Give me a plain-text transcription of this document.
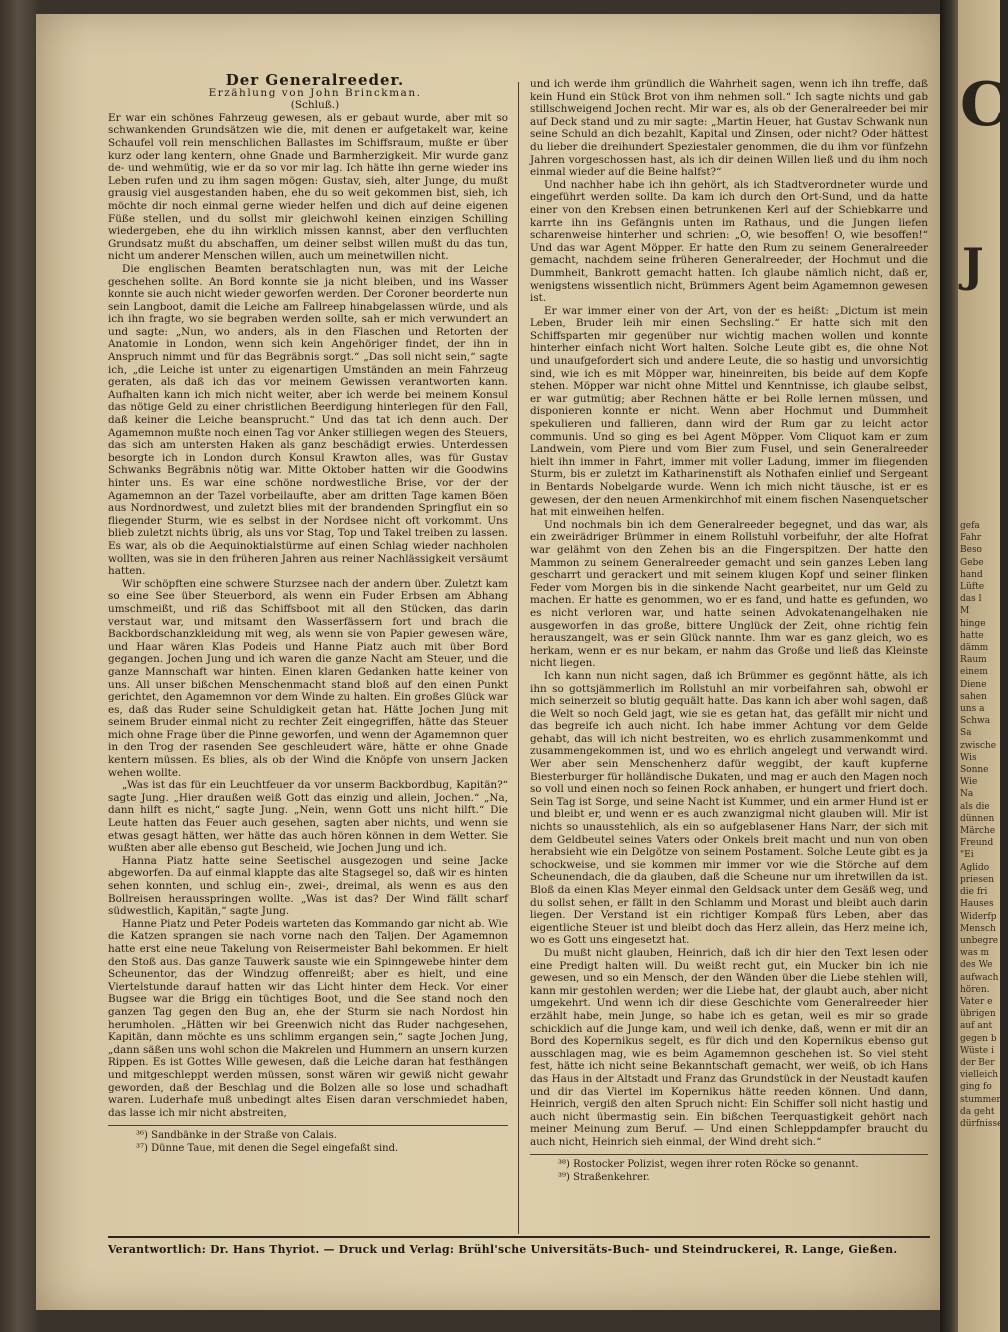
Der Generalreeder.

Erzählung von John Brinckman.

(Schluß.)

Er war ein schönes Fahrzeug gewesen, als er gebaut wurde, aber mit so schwankenden Grundsätzen wie die, mit denen er aufgetakelt war, keine Schaufel voll rein menschlichen Ballastes im Schiffsraum, mußte er über kurz oder lang kentern, ohne Gnade und Barmherzigkeit. Mir wurde ganz de- und wehmütig, wie er da so vor mir lag. Ich hätte ihn gerne wieder ins Leben rufen und zu ihm sagen mögen: Gustav, sieh, alter Junge, du mußt grausig viel ausgestanden haben, ehe du so weit gekommen bist, sieh, ich möchte dir noch einmal gerne wieder helfen und dich auf deine eigenen Füße stellen, und du sollst mir gleichwohl keinen einzigen Schilling wiedergeben, ehe du ihn wirklich missen kannst, aber den verfluchten Grundsatz mußt du abschaffen, um deiner selbst willen mußt du das tun, nicht um anderer Menschen willen, auch um meinetwillen nicht.

Die englischen Beamten beratschlagten nun, was mit der Leiche geschehen sollte. An Bord konnte sie ja nicht bleiben, und ins Wasser konnte sie auch nicht wieder geworfen werden. Der Coroner beorderte nun sein Langboot, damit die Leiche am Fallreep hinabgelassen würde, und als ich ihn fragte, wo sie begraben werden sollte, sah er mich verwundert an und sagte: „Nun, wo anders, als in den Flaschen und Retorten der Anatomie in London, wenn sich kein Angehöriger findet, der ihn in Anspruch nimmt und für das Begräbnis sorgt.“ „Das soll nicht sein,“ sagte ich, „die Leiche ist unter zu eigenartigen Umständen an mein Fahrzeug geraten, als daß ich das vor meinem Gewissen verantworten kann. Aufhalten kann ich mich nicht weiter, aber ich werde bei meinem Konsul das nötige Geld zu einer christlichen Beerdigung hinterlegen für den Fall, daß keiner die Leiche beansprucht.“ Und das tat ich denn auch. Der Agamemnon mußte noch einen Tag vor Anker stilliegen wegen des Steuers, das sich am untersten Haken als ganz beschädigt erwies. Unterdessen besorgte ich in London durch Konsul Krawton alles, was für Gustav Schwanks Begräbnis nötig war. Mitte Oktober hatten wir die Goodwins hinter uns. Es war eine schöne nordwestliche Brise, vor der der Agamemnon an der Tazel vorbeilaufte, aber am dritten Tage kamen Böen aus Nordnordwest, und zuletzt blies mit der brandenden Springflut ein so fliegender Sturm, wie es selbst in der Nordsee nicht oft vorkommt. Uns blieb zuletzt nichts übrig, als uns vor Stag, Top und Takel treiben zu lassen. Es war, als ob die Aequinoktialstürme auf einen Schlag wieder nachholen wollten, was sie in den früheren Jahren aus reiner Nachlässigkeit versäumt hatten.

Wir schöpften eine schwere Sturzsee nach der andern über. Zuletzt kam so eine See über Steuerbord, als wenn ein Fuder Erbsen am Abhang umschmeißt, und riß das Schiffsboot mit all den Stücken, das darin verstaut war, und mitsamt den Wasserfässern fort und brach die Backbordschanzkleidung mit weg, als wenn sie von Papier gewesen wäre, und Haar wären Klas Podeis und Hanne Piatz auch mit über Bord gegangen. Jochen Jung und ich waren die ganze Nacht am Steuer, und die ganze Mannschaft war hinten. Einen klaren Gedanken hatte keiner von uns. All unser bißchen Menschenmacht stand bloß auf den einen Punkt gerichtet, den Agamemnon vor dem Winde zu halten. Ein großes Glück war es, daß das Ruder seine Schuldigkeit getan hat. Hätte Jochen Jung mit seinem Bruder einmal nicht zu rechter Zeit eingegriffen, hätte das Steuer mich ohne Frage über die Pinne geworfen, und wenn der Agamemnon quer in den Trog der rasenden See geschleudert wäre, hätte er ohne Gnade kentern müssen. Es blies, als ob der Wind die Knöpfe von unsern Jacken wehen wollte.

„Was ist das für ein Leuchtfeuer da vor unserm Backbordbug, Kapitän?“ sagte Jung. „Hier draußen weiß Gott das einzig und allein, Jochen.“ „Na, dann hilft es nicht,“ sagte Jung. „Nein, wenn Gott uns nicht hilft.“ Die Leute hatten das Feuer auch gesehen, sagten aber nichts, und wenn sie etwas gesagt hätten, wer hätte das auch hören können in dem Wetter. Sie wußten aber alle ebenso gut Bescheid, wie Jochen Jung und ich.

Hanna Piatz hatte seine Seetischel ausgezogen und seine Jacke abgeworfen. Da auf einmal klappte das alte Stagsegel so, daß wir es hinten sehen konnten, und schlug ein-, zwei-, dreimal, als wenn es aus den Bollreisen herausspringen wollte. „Was ist das? Der Wind fällt scharf südwestlich, Kapitän,“ sagte Jung.

Hanne Piatz und Peter Podeis warteten das Kommando gar nicht ab. Wie die Katzen sprangen sie nach vorne nach den Taljen. Der Agamemnon hatte erst eine neue Takelung von Reisermeister Bahl bekommen. Er hielt den Stoß aus. Das ganze Tauwerk sauste wie ein Spinngewebe hinter dem Scheunentor, das der Windzug offenreißt; aber es hielt, und eine Viertelstunde darauf hatten wir das Licht hinter dem Heck. Vor einer Bugsee war die Brigg ein tüchtiges Boot, und die See stand noch den ganzen Tag gegen den Bug an, ehe der Sturm sie nach Nordost hin herumholen. „Hätten wir bei Greenwich nicht das Ruder nachgesehen, Kapitän, dann möchte es uns schlimm ergangen sein,“ sagte Jochen Jung, „dann säßen uns wohl schon die Makrelen und Hummern an unsern kurzen Rippen. Es ist Gottes Wille gewesen, daß die Leiche daran hat festhängen und mitgeschleppt werden müssen, sonst wären wir gewiß nicht gewahr geworden, daß der Beschlag und die Bolzen alle so lose und schadhaft waren. Luderhafe muß unbedingt altes Eisen daran verschmiedet haben, das lasse ich mir nicht abstreiten,

³⁶) Sandbänke in der Straße von Calais.

³⁷) Dünne Taue, mit denen die Segel eingefaßt sind.

und ich werde ihm gründlich die Wahrheit sagen, wenn ich ihn treffe, daß kein Hund ein Stück Brot von ihm nehmen soll.“ Ich sagte nichts und gab stillschweigend Jochen recht. Mir war es, als ob der Generalreeder bei mir auf Deck stand und zu mir sagte: „Martin Heuer, hat Gustav Schwank nun seine Schuld an dich bezahlt, Kapital und Zinsen, oder nicht? Oder hättest du lieber die dreihundert Speziestaler genommen, die du ihm vor fünfzehn Jahren vorgeschossen hast, als ich dir deinen Willen ließ und du ihm noch einmal wieder auf die Beine halfst?“

Und nachher habe ich ihn gehört, als ich Stadtverordneter wurde und eingeführt werden sollte. Da kam ich durch den Ort-Sund, und da hatte einer von den Krebsen einen betrunkenen Kerl auf der Schiebkarre und karrte ihn ins Gefängnis unten im Rathaus, und die Jungen liefen scharenweise hinterher und schrien: „O, wie besoffen! O, wie besoffen!“ Und das war Agent Möpper. Er hatte den Rum zu seinem Generalreeder gemacht, nachdem seine früheren Generalreeder, der Hochmut und die Dummheit, Bankrott gemacht hatten. Ich glaube nämlich nicht, daß er, wenigstens wissentlich nicht, Brümmers Agent beim Agamemnon gewesen ist.

Er war immer einer von der Art, von der es heißt: „Dictum ist mein Leben, Bruder leih mir einen Sechsling.“ Er hatte sich mit den Schiffsparten mir gegenüber nur wichtig machen wollen und konnte hinterher einfach nicht Wort halten. Solche Leute gibt es, die ohne Not und unaufgefordert sich und andere Leute, die so hastig und unvorsichtig sind, wie ich es mit Möpper war, hineinreiten, bis beide auf dem Kopfe stehen. Möpper war nicht ohne Mittel und Kenntnisse, ich glaube selbst, er war gutmütig; aber Rechnen hätte er bei Rolle lernen müssen, und disponieren konnte er nicht. Wenn aber Hochmut und Dummheit spekulieren und fallieren, dann wird der Rum gar zu leicht actor communis. Und so ging es bei Agent Möpper. Vom Cliquot kam er zum Landwein, vom Piere und vom Bier zum Fusel, und sein Generalreeder hielt ihn immer in Fahrt, immer mit voller Ladung, immer im fliegenden Sturm, bis er zuletzt im Katharinenstift als Nothafen einlief und Sergeant in Bentards Nobelgarde wurde. Wenn ich mich nicht täusche, ist er es gewesen, der den neuen Armenkirchhof mit einem fischen Nasenquetscher hat mit einweihen helfen.

Und nochmals bin ich dem Generalreeder begegnet, und das war, als ein zweirädriger Brümmer in einem Rollstuhl vorbeifuhr, der alte Hofrat war gelähmt von den Zehen bis an die Fingerspitzen. Der hatte den Mammon zu seinem Generalreeder gemacht und sein ganzes Leben lang gescharrt und gerackert und mit seinem klugen Kopf und seiner flinken Feder vom Morgen bis in die sinkende Nacht gearbeitet, nur um Geld zu machen. Er hatte es genommen, wo er es fand, und hatte es gefunden, wo es nicht verloren war, und hatte seinen Advokatenangelhaken nie ausgeworfen in das große, bittere Unglück der Zeit, ohne richtig fein herauszangelt, was er sein Glück nannte. Ihm war es ganz gleich, wo es herkam, wenn er es nur bekam, er nahm das Große und ließ das Kleinste nicht liegen.

Ich kann nun nicht sagen, daß ich Brümmer es gegönnt hätte, als ich ihn so gottsjämmerlich im Rollstuhl an mir vorbeifahren sah, obwohl er mich seinerzeit so blutig gequält hatte. Das kann ich aber wohl sagen, daß die Welt so noch Geld jagt, wie sie es getan hat, das gefällt mir nicht und das begreife ich auch nicht. Ich habe immer Achtung vor dem Gelde gehabt, das will ich nicht bestreiten, wo es ehrlich zusammenkommt und zusammengekommen ist, und wo es ehrlich angelegt und verwandt wird. Wer aber sein Menschenherz dafür weggibt, der kauft kupferne Biesterburger für holländische Dukaten, und mag er auch den Magen noch so voll und einen noch so feinen Rock anhaben, er hungert und friert doch. Sein Tag ist Sorge, und seine Nacht ist Kummer, und ein armer Hund ist er und bleibt er, und wenn er es auch zwanzigmal nicht glauben will. Mir ist nichts so unausstehlich, als ein so aufgeblasener Hans Narr, der sich mit dem Geldbeutel seines Vaters oder Onkels breit macht und nun von oben herabsieht wie ein Delgötze von seinem Postament. Solche Leute gibt es ja schockweise, und sie kommen mir immer vor wie die Störche auf dem Scheunendach, die da glauben, daß die Scheune nur um ihretwillen da ist. Bloß da einen Klas Meyer einmal den Geldsack unter dem Gesäß weg, und du sollst sehen, er fällt in den Schlamm und Morast und bleibt auch darin liegen. Der Verstand ist ein richtiger Kompaß fürs Leben, aber das eigentliche Steuer ist und bleibt doch das Herz allein, das Herz meine ich, wo es Gott uns eingesetzt hat.

Du mußt nicht glauben, Heinrich, daß ich dir hier den Text lesen oder eine Predigt halten will. Du weißt recht gut, ein Mucker bin ich nie gewesen, und so ein Mensch, der den Wänden über die Liebe stehlen will, kann mir gestohlen werden; wer die Liebe hat, der glaubt auch, aber nicht umgekehrt. Und wenn ich dir diese Geschichte vom Generalreeder hier erzählt habe, mein Junge, so habe ich es getan, weil es mir so grade schicklich auf die Junge kam, und weil ich denke, daß, wenn er mit dir an Bord des Kopernikus segelt, es für dich und den Kopernikus ebenso gut ausschlagen mag, wie es beim Agamemnon geschehen ist. So viel steht fest, hätte ich nicht seine Bekanntschaft gemacht, wer weiß, ob ich Hans das Haus in der Altstadt und Franz das Grundstück in der Neustadt kaufen und dir das Viertel im Kopernikus hätte reeden können. Und dann, Heinrich, vergiß den alten Spruch nicht: Ein Schiffer soll nicht hastig und auch nicht übermastig sein. Ein bißchen Teerquastigkeit gehört nach meiner Meinung zum Beruf. — Und einen Schleppdampfer braucht du auch nicht, Heinrich sieh einmal, der Wind dreht sich.“

³⁸) Rostocker Polizist, wegen ihrer roten Röcke so genannt.

³⁹) Straßenkehrer.

Verantwortlich: Dr. Hans Thyriot. — Druck und Verlag: Brühl'sche Universitäts-Buch- und Steindruckerei, R. Lange, Gießen.
C
J
gefa
Fahr
Beso
Gebe
hand
Lüfte
das l
M
hinge
hatte
dämm
Raum
einem
Diene
sahen
uns a
Schwa
Sa
zwische
Wis
Sonne
Wie
Na
als die
dünnen
Märche
Freund
"Ei
Aglido
priesen
die fri
Hauses
Widerfp
Mensch
unbegre
was m
des We
aufwach
hören.
Vater e
übrigen
auf ant
gegen b
Wüste i
der Ber
vielleich
ging fo
stummen
da geht
dürfnisse
